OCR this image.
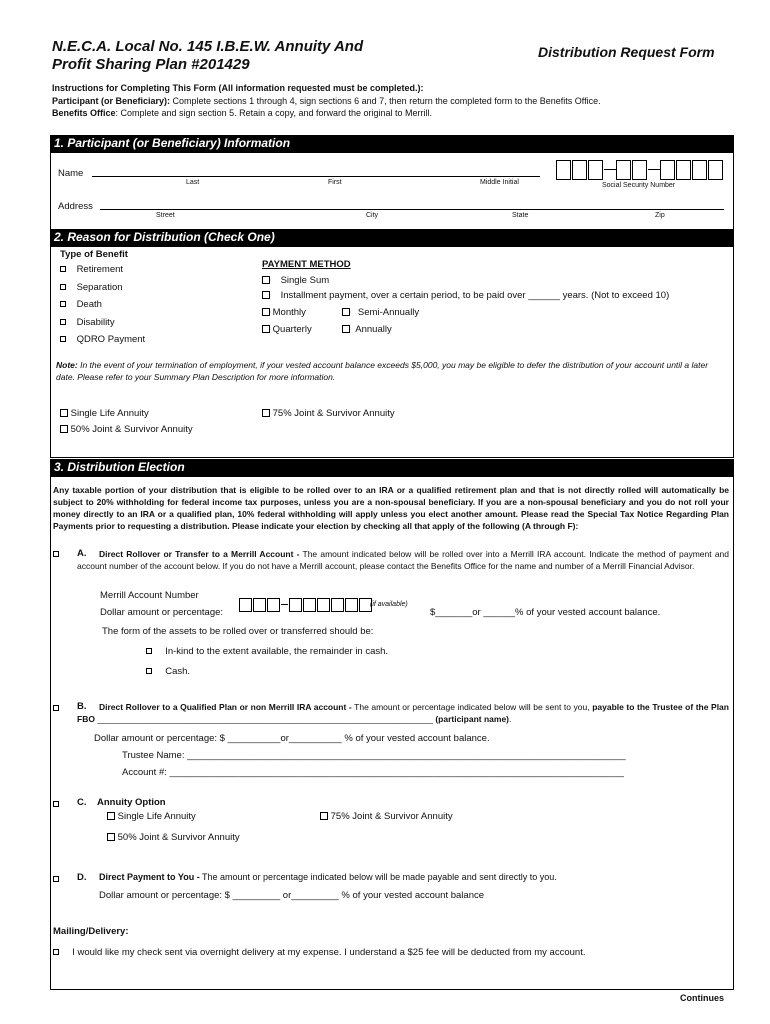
N.E.C.A. Local No. 145 I.B.E.W. Annuity And
Profit Sharing Plan #201429
Distribution Request Form
Instructions for Completing This Form (All information requested must be completed.):
Participant (or Beneficiary): Complete sections 1 through 4, sign sections 6 and 7, then return the completed form to the Benefits Office.
Benefits Office: Complete and sign section 5. Retain a copy, and forward the original to Merrill.
1. Participant (or Beneficiary) Information
Name
Last	First	Middle Initial	Social Security Number
Address
Street	City	State	Zip
2. Reason for Distribution (Check One)
Type of Benefit
Retirement
Separation
Death
Disability
QDRO Payment
PAYMENT METHOD
Single Sum
Installment payment, over a certain period, to be paid over ______ years. (Not to exceed 10)
Monthly	Semi-Annually
Quarterly	Annually
Note: In the event of your termination of employment, if your vested account balance exceeds $5,000, you may be eligible to defer the distribution of your account until a later date. Please refer to your Summary Plan Description for more information.
Single Life Annuity	75% Joint & Survivor Annuity
50% Joint & Survivor Annuity
3. Distribution Election
Any taxable portion of your distribution that is eligible to be rolled over to an IRA or a qualified retirement plan and that is not directly rolled will automatically be subject to 20% withholding for federal income tax purposes, unless you are a non-spousal beneficiary. If you are a non-spousal beneficiary and you do not roll your money directly to an IRA or a qualified plan, 10% federal withholding will apply unless you elect another amount. Please read the Special Tax Notice Regarding Plan Payments prior to requesting a distribution. Please indicate your election by checking all that apply of the following (A through F):
A.	Direct Rollover or Transfer to a Merrill Account - The amount indicated below will be rolled over into a Merrill IRA account. Indicate the method of payment and account number of the account below. If you do not have a Merrill account, please contact the Benefits Office for the name and number of a Merrill Financial Advisor.
Merrill Account Number
Dollar amount or percentage:
(if available)
$_______or ______% of your vested account balance.
The form of the assets to be rolled over or transferred should be:
In-kind to the extent available, the remainder in cash.
Cash.
B.	Direct Rollover to a Qualified Plan or non Merrill IRA account - The amount or percentage indicated below will be sent to you, payable to the Trustee of the Plan FBO _______________________________________________________________________ (participant name).
Dollar amount or percentage: $ __________or__________ % of your vested account balance.
Trustee Name: ___________________________________________________________________________________
Account #: ______________________________________________________________________________________
C. Annuity Option
Single Life Annuity	75% Joint & Survivor Annuity
50% Joint & Survivor Annuity
D. Direct Payment to You - The amount or percentage indicated below will be made payable and sent directly to you.
Dollar amount or percentage: $ _________ or_________ % of your vested account balance
Mailing/Delivery:
I would like my check sent via overnight delivery at my expense. I understand a $25 fee will be deducted from my account.
Continues
